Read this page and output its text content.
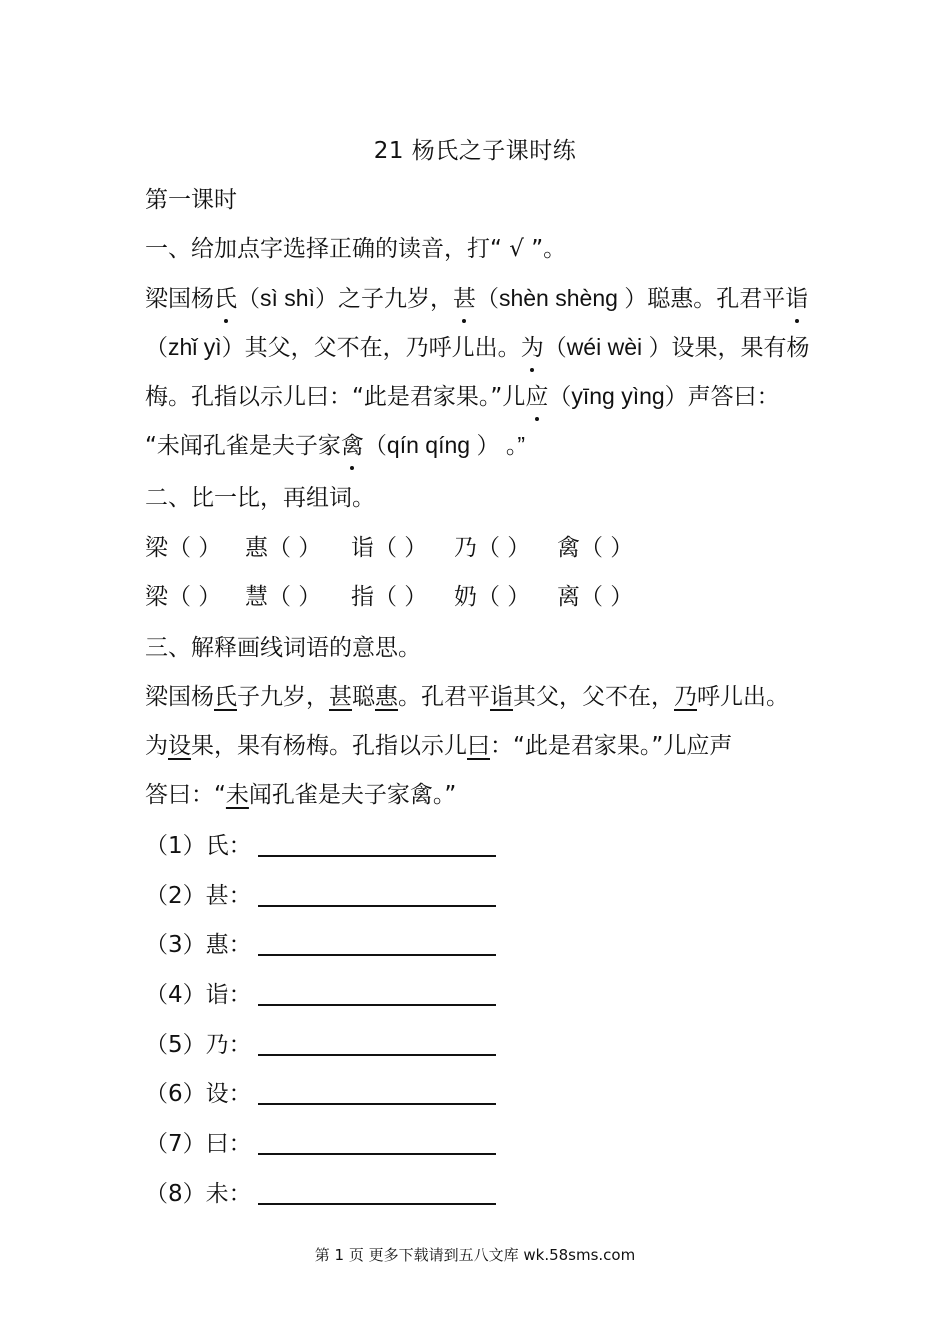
21 杨氏之子课时练
第一课时
一、给加点字选择正确的读音，打“ √ ”。
梁国杨氏（sì shì）之子九岁，甚（shèn shèng ）聪惠。孔君平诣
（zhǐ yì）其父，父不在，乃呼儿出。为（wéi wèi ）设果，果有杨
梅。孔指以示儿曰：“此是君家果。”儿应（yīng yìng）声答曰：
“未闻孔雀是夫子家禽（qín qíng ） 。”
二、比一比，再组词。
梁（ ） 惠（ ） 诣（ ） 乃（ ） 禽（ ）
梁（ ） 慧（ ） 指（ ） 奶（ ） 离（ ）
三、解释画线词语的意思。
梁国杨氏子九岁，甚聪惠。孔君平诣其父，父不在，乃呼儿出。
为设果，果有杨梅。孔指以示儿曰：“此是君家果。”儿应声
答曰：“未闻孔雀是夫子家禽。”
（1）氏：
（2）甚：
（3）惠：
（4）诣：
（5）乃：
（6）设：
（7）曰：
（8）未：
第 1 页 更多下载请到五八文库 wk.58sms.com
